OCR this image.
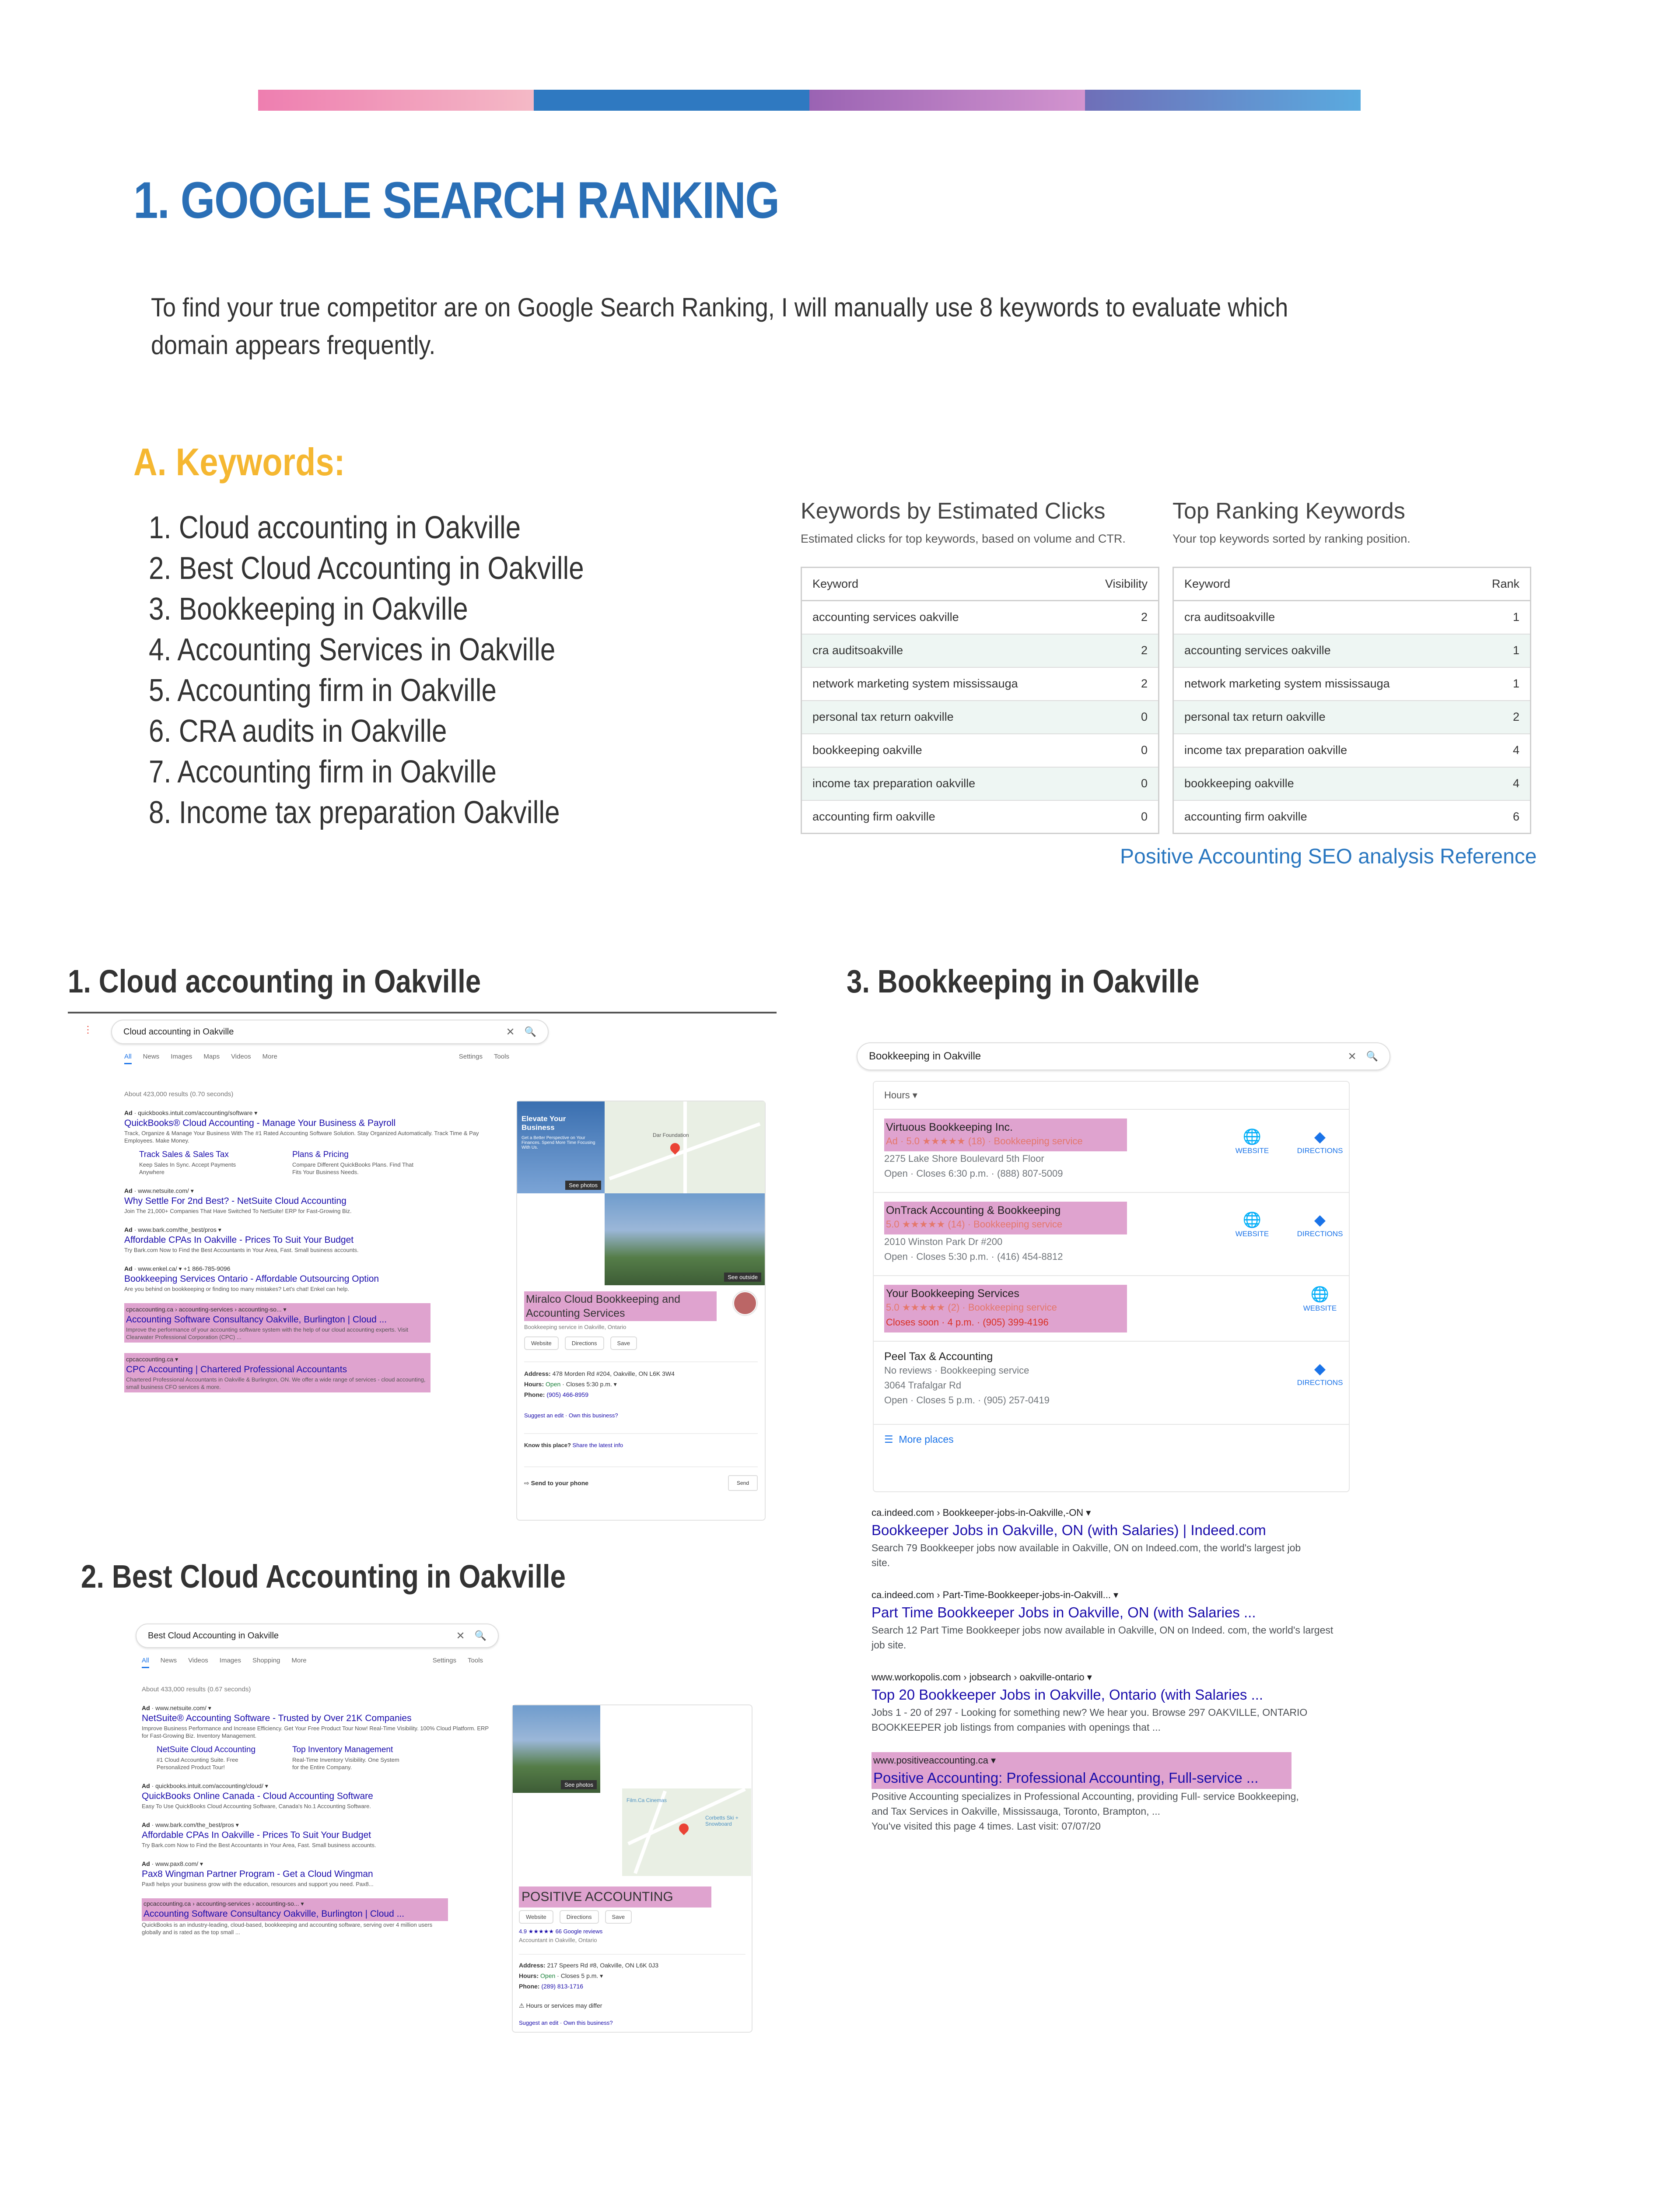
1. GOOGLE SEARCH RANKING

To find your true competitor are on Google Search Ranking, I will manually use 8 keywords to evaluate which domain appears frequently.

A. Keywords:
1. Cloud accounting in Oakville
2. Best Cloud Accounting in Oakville
3. Bookkeeping in Oakville
4. Accounting Services in Oakville
5. Accounting firm in Oakville
6. CRA audits in Oakville
7. Accounting firm in Oakville
8. Income tax preparation Oakville
Keywords by Estimated Clicks
Estimated clicks for top keywords, based on volume and CTR.
Keyword	Visibility
accounting services oakville	2
cra auditsoakville	2
network marketing system mississauga	2
personal tax return oakville	0
bookkeeping oakville	0
income tax preparation oakville	0
accounting firm oakville	0
Top Ranking Keywords
Your top keywords sorted by ranking position.
Keyword	Rank
cra auditsoakville	1
accounting services oakville	1
network marketing system mississauga	1
personal tax return oakville	2
income tax preparation oakville	4
bookkeeping oakville	4
accounting firm oakville	6
Positive Accounting SEO analysis Reference
1. Cloud accounting in Oakville	3. Bookkeeping in Oakville
2. Best Cloud Accounting in Oakville
⋮	Cloud accounting in Oakville	✕ 🔍
All News Images Maps Videos More	Settings Tools
About 423,000 results (0.70 seconds)
Ad · quickbooks.intuit.com/accounting/software ▾
QuickBooks® Cloud Accounting - Manage Your Business & Payroll
Track, Organize & Manage Your Business With The #1 Rated Accounting Software Solution. Stay Organized Automatically. Track Time & Pay Employees. Make Money.
Track Sales & Sales Tax
Keep Sales In Sync. Accept Payments Anywhere
Plans & Pricing
Compare Different QuickBooks Plans. Find That Fits Your Business Needs.
Ad · www.netsuite.com/ ▾
Why Settle For 2nd Best? - NetSuite Cloud Accounting
Join The 21,000+ Companies That Have Switched To NetSuite! ERP for Fast-Growing Biz.
Ad · www.bark.com/the_best/pros ▾
Affordable CPAs In Oakville - Prices To Suit Your Budget
Try Bark.com Now to Find the Best Accountants in Your Area, Fast. Small business accounts.
Ad · www.enkel.ca/ ▾ +1 866-785-9096
Bookkeeping Services Ontario - Affordable Outsourcing Option
Are you behind on bookkeeping or finding too many mistakes? Let's chat! Enkel can help.
cpcaccounting.ca › accounting-services › accounting-so... ▾
Accounting Software Consultancy Oakville, Burlington | Cloud ...
Improve the performance of your accounting software system with the help of our cloud accounting experts. Visit Clearwater Professional Corporation (CPC) ...
cpcaccounting.ca ▾
CPC Accounting | Chartered Professional Accountants
Chartered Professional Accountants in Oakville & Burlington, ON. We offer a wide range of services - cloud accounting, small business CFO services & more.
Elevate Your Business
Get a Better Perspective on Your Finances. Spend More Time Focusing With Us.
See photos
Dar Foundation
See outside
Miralco Cloud Bookkeeping and Accounting Services
Bookkeeping service in Oakville, Ontario
Website	Directions	Save
Address: 478 Morden Rd #204, Oakville, ON L6K 3W4
Hours: Open · Closes 5:30 p.m. ▾
Phone: (905) 466-8959
Suggest an edit · Own this business?
Know this place? Share the latest info
⇨
Send to your phone	Send
Best Cloud Accounting in Oakville	✕ 🔍
All News Videos Images Shopping More	Settings Tools
About 433,000 results (0.67 seconds)
Ad · www.netsuite.com/ ▾
NetSuite® Accounting Software - Trusted by Over 21K Companies
Improve Business Performance and Increase Efficiency. Get Your Free Product Tour Now! Real-Time Visibility. 100% Cloud Platform. ERP for Fast-Growing Biz. Inventory Management.
NetSuite Cloud Accounting
#1 Cloud Accounting Suite. Free Personalized Product Tour!
Top Inventory Management
Real-Time Inventory Visibility. One System for the Entire Company.
Ad · quickbooks.intuit.com/accounting/cloud/ ▾
QuickBooks Online Canada - Cloud Accounting Software
Easy To Use QuickBooks Cloud Accounting Software, Canada's No.1 Accounting Software.
Ad · www.bark.com/the_best/pros ▾
Affordable CPAs In Oakville - Prices To Suit Your Budget
Try Bark.com Now to Find the Best Accountants in Your Area, Fast. Small business accounts.
Ad · www.pax8.com/ ▾
Pax8 Wingman Partner Program - Get a Cloud Wingman
Pax8 helps your business grow with the education, resources and support you need. Pax8...
cpcaccounting.ca › accounting-services › accounting-so... ▾
Accounting Software Consultancy Oakville, Burlington | Cloud ...
QuickBooks is an industry-leading, cloud-based, bookkeeping and accounting software, serving over 4 million users globally and is rated as the top small ...
See photos
Film.Ca Cinemas
Corbetts Ski + Snowboard
POSITIVE ACCOUNTING
Website	Directions	Save
4.9 ★★★★★ 66 Google reviews
Accountant in Oakville, Ontario
Address: 217 Speers Rd #8, Oakville, ON L6K 0J3
Hours: Open · Closes 5 p.m. ▾
Phone: (289) 813-1716
⚠ Hours or services may differ
Suggest an edit · Own this business?
Bookkeeping in Oakville	✕ 🔍
Hours ▾
Virtuous Bookkeeping Inc.
Ad · 5.0 ★★★★★ (18) · Bookkeeping service
2275 Lake Shore Boulevard 5th Floor
Open · Closes 6:30 p.m. · (888) 807-5009
🌐
WEBSITE
◆
DIRECTIONS
OnTrack Accounting & Bookkeeping
5.0 ★★★★★ (14) · Bookkeeping service
2010 Winston Park Dr #200
Open · Closes 5:30 p.m. · (416) 454-8812
🌐
WEBSITE
◆
DIRECTIONS
Your Bookkeeping Services
5.0 ★★★★★ (2) · Bookkeeping service
Closes soon · 4 p.m. · (905) 399-4196
🌐
WEBSITE
Peel Tax & Accounting
No reviews · Bookkeeping service
3064 Trafalgar Rd
Open · Closes 5 p.m. · (905) 257-0419
◆
DIRECTIONS
☰  More places
ca.indeed.com › Bookkeeper-jobs-in-Oakville,-ON ▾
Bookkeeper Jobs in Oakville, ON (with Salaries) | Indeed.com
Search 79 Bookkeeper jobs now available in Oakville, ON on Indeed.com, the world's largest job site.
ca.indeed.com › Part-Time-Bookkeeper-jobs-in-Oakvill... ▾
Part Time Bookkeeper Jobs in Oakville, ON (with Salaries ...
Search 12 Part Time Bookkeeper jobs now available in Oakville, ON on Indeed. com, the world's largest job site.
www.workopolis.com › jobsearch › oakville-ontario ▾
Top 20 Bookkeeper Jobs in Oakville, Ontario (with Salaries ...
Jobs 1 - 20 of 297 - Looking for something new? We hear you. Browse 297 OAKVILLE, ONTARIO BOOKKEEPER job listings from companies with openings that ...
www.positiveaccounting.ca ▾
Positive Accounting: Professional Accounting, Full-service ...
Positive Accounting specializes in Professional Accounting, providing Full- service Bookkeeping, and Tax Services in Oakville, Mississauga, Toronto, Brampton, ...
You've visited this page 4 times. Last visit: 07/07/20
